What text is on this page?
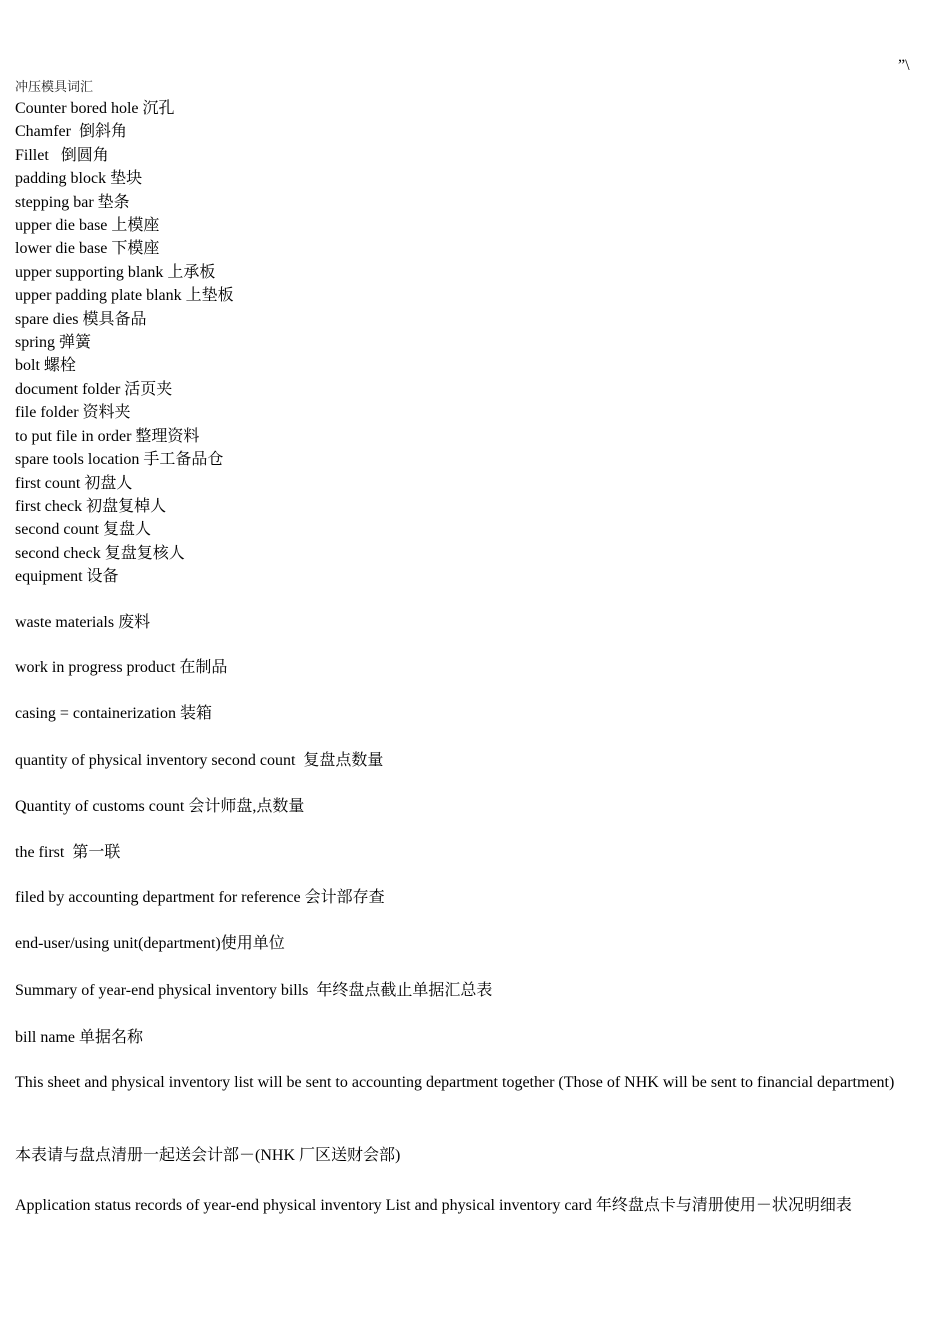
”\
冲压模具词汇
Counter bored hole 沉孔
Chamfer  倒斜角
Fillet   倒圆角
padding block 垫块
stepping bar 垫条
upper die base 上模座
lower die base 下模座
upper supporting blank 上承板
upper padding plate blank 上垫板
spare dies 模具备品
spring 弹簧
bolt 螺栓
document folder 活页夹
file folder 资料夹
to put file in order 整理资料
spare tools location 手工备品仓
first count 初盘人
first check 初盘复棹人
second count 复盘人
second check 复盘复核人
equipment 设备
waste materials 废料
work in progress product 在制品
casing = containerization 装箱
quantity of physical inventory second count  复盘点数量
Quantity of customs count 会计师盘,点数量
the first  第一联
filed by accounting department for reference 会计部存查
end-user/using unit(department)使用单位
Summary of year-end physical inventory bills  年终盘点截止单据汇总表
bill name 单据名称
This sheet and physical inventory list will be sent to accounting department together (Those of NHK will be sent to financial department)
本表请与盘点清册一起送会计部－(NHK 厂区送财会部)
Application status records of year-end physical inventory List and physical inventory card 年终盘点卡与清册使用－状况明细表
